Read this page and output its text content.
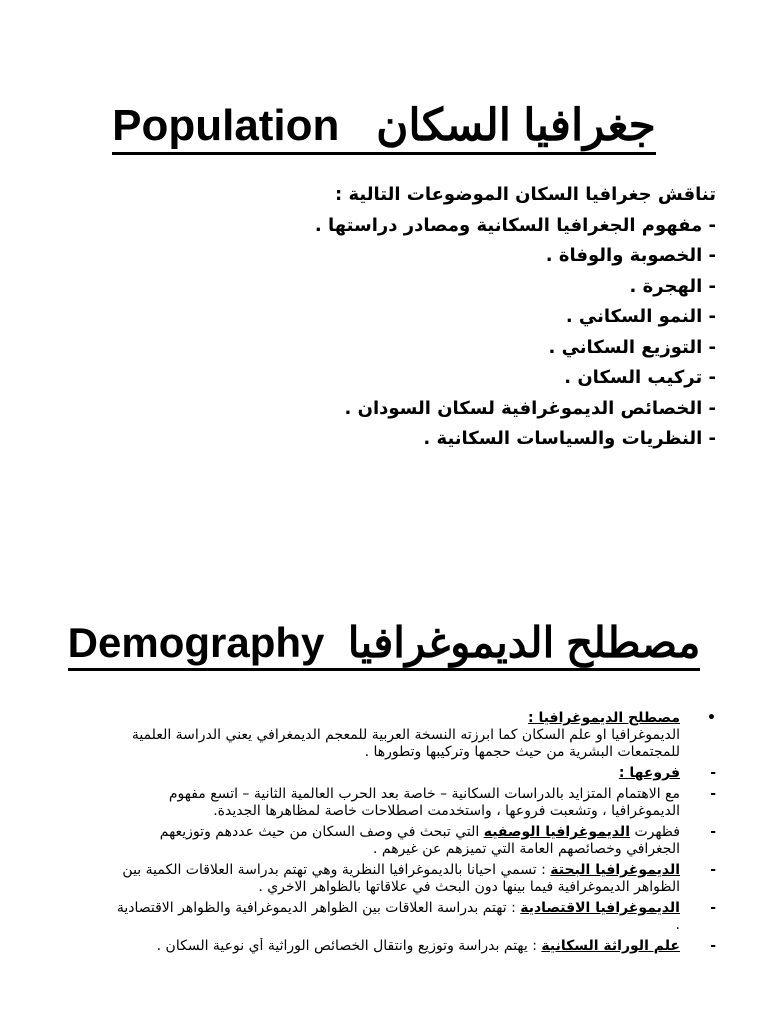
جغرافيا السكان   Population
تناقش جغرافيا السكان الموضوعات التالية :
- مفهوم الجغرافيا السكانية ومصادر دراستها .
- الخصوبة والوفاة .
- الهجرة .
- النمو السكاني .
- التوزيع السكاني .
- تركيب السكان .
- الخصائص الديموغرافية لسكان السودان .
- النظريات والسياسات السكانية .
مصطلح الديموغرافيا  Demography
•
مصطلح الديموغرافيا :
الديموغرافيا او علم السكان كما ابرزته النسخة العربية للمعجم الديمغرافي يعني الدراسة العلمية
للمجتمعات البشرية من حيث حجمها وتركيبها وتطورها .
-
فروعها :
-
مع الاهتمام المتزايد بالدراسات السكانية – خاصة بعد الحرب العالمية الثانية – اتسع مفهوم
الديموغرافيا ، وتشعبت فروعها ، واستخدمت اصطلاحات خاصة لمظاهرها الجديدة.
-
فظهرت الديموغرافيا الوصفيه التي تبحث في وصف السكان من حيث عددهم وتوزيعهم
الجغرافي وخصائصهم العامة التي تميزهم عن غيرهم .
-
الديموغرافيا البحتة : تسمي احيانا بالديموغرافيا النظرية وهي تهتم بدراسة العلاقات الكمية بين
الظواهر الديموغرافية فيما بينها دون البحث في علاقاتها بالظواهر الاخري .
-
الديموغرافيا الاقتصادية : تهتم بدراسة العلاقات بين الظواهر الديموغرافية والظواهر الاقتصادية
.
-
علم الوراثة السكانية : يهتم بدراسة وتوزيع وانتقال الخصائص الوراثية أي نوعية السكان .
